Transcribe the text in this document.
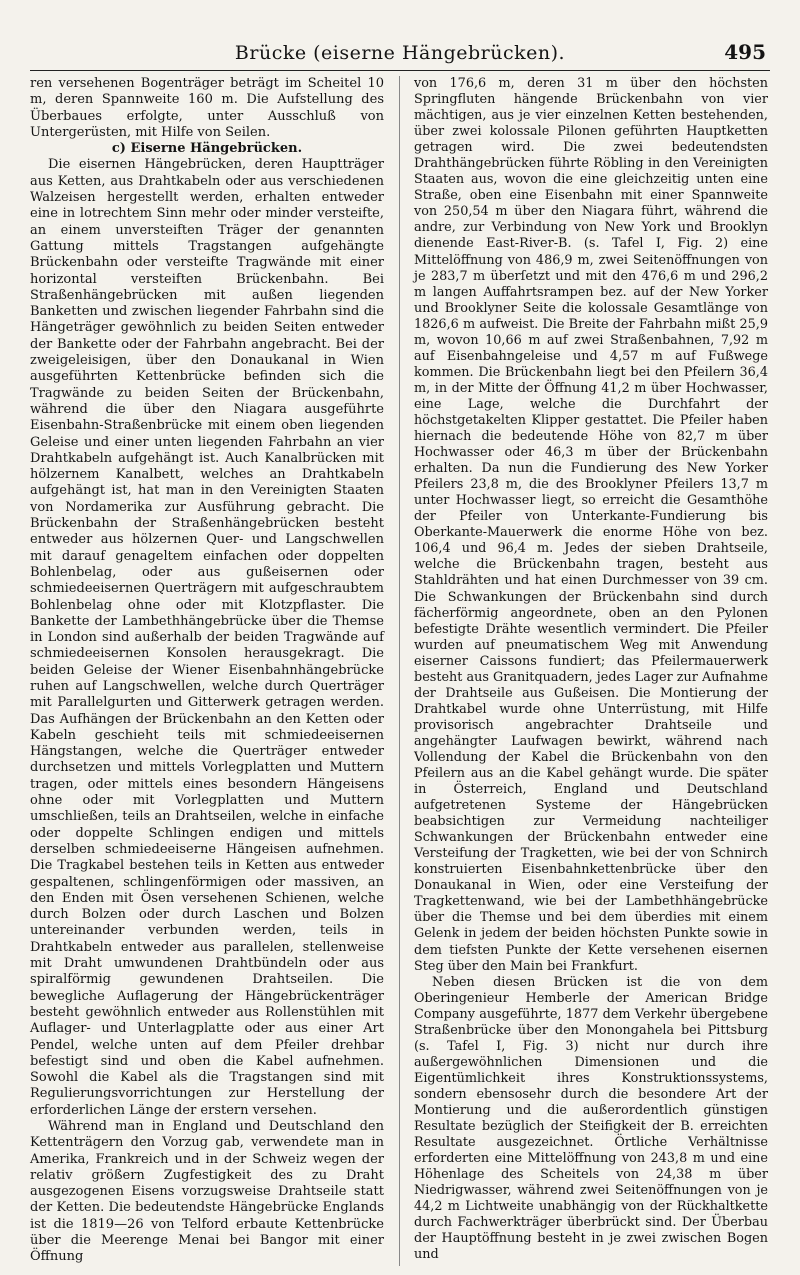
Brücke (eiserne Hängebrücken).	495

ren versehenen Bogenträger beträgt im Scheitel 10 m, deren Spannweite 160 m. Die Aufstellung des Überbaues erfolgte, unter Ausschluß von Untergerüsten, mit Hilfe von Seilen.

c) Eiserne Hängebrücken.

Die eisernen Hängebrücken, deren Hauptträger aus Ketten, aus Drahtkabeln oder aus verschiedenen Walzeisen hergestellt werden, erhalten entweder eine in lotrechtem Sinn mehr oder minder versteifte, an einem unversteiften Träger der genannten Gattung mittels Tragstangen aufgehängte Brückenbahn oder versteifte Tragwände mit einer horizontal versteiften Brückenbahn. Bei Straßenhängebrücken mit außen liegenden Banketten und zwischen liegender Fahrbahn sind die Hängeträger gewöhnlich zu beiden Seiten entweder der Bankette oder der Fahrbahn angebracht. Bei der zweigeleisigen, über den Donaukanal in Wien ausgeführten Kettenbrücke befinden sich die Tragwände zu beiden Seiten der Brückenbahn, während die über den Niagara ausgeführte Eisenbahn-Straßenbrücke mit einem oben liegenden Geleise und einer unten liegenden Fahrbahn an vier Drahtkabeln aufgehängt ist. Auch Kanalbrücken mit hölzernem Kanalbett, welches an Drahtkabeln aufgehängt ist, hat man in den Vereinigten Staaten von Nordamerika zur Ausführung gebracht. Die Brückenbahn der Straßenhängebrücken besteht entweder aus hölzernen Quer- und Langschwellen mit darauf genageltem einfachen oder doppelten Bohlenbelag, oder aus gußeisernen oder schmiedeeisernen Querträgern mit aufgeschraubtem Bohlenbelag ohne oder mit Klotzpflaster. Die Bankette der Lambethhängebrücke über die Themse in London sind außerhalb der beiden Tragwände auf schmiedeeisernen Konsolen herausgekragt. Die beiden Geleise der Wiener Eisenbahnhängebrücke ruhen auf Langschwellen, welche durch Querträger mit Parallelgurten und Gitterwerk getragen werden. Das Aufhängen der Brückenbahn an den Ketten oder Kabeln geschieht teils mit schmiedeeisernen Hängstangen, welche die Querträger entweder durchsetzen und mittels Vorlegplatten und Muttern tragen, oder mittels eines besondern Hängeisens ohne oder mit Vorlegplatten und Muttern umschließen, teils an Drahtseilen, welche in einfache oder doppelte Schlingen endigen und mittels derselben schmiedeeiserne Hängeisen aufnehmen. Die Tragkabel bestehen teils in Ketten aus entweder gespaltenen, schlingenförmigen oder massiven, an den Enden mit Ösen versehenen Schienen, welche durch Bolzen oder durch Laschen und Bolzen untereinander verbunden werden, teils in Drahtkabeln entweder aus parallelen, stellenweise mit Draht umwundenen Drahtbündeln oder aus spiralförmig gewundenen Drahtseilen. Die bewegliche Auflagerung der Hängebrückenträger besteht gewöhnlich entweder aus Rollenstühlen mit Auflager- und Unterlagplatte oder aus einer Art Pendel, welche unten auf dem Pfeiler drehbar befestigt sind und oben die Kabel aufnehmen. Sowohl die Kabel als die Tragstangen sind mit Regulierungsvorrichtungen zur Herstellung der erforderlichen Länge der erstern versehen.

Während man in England und Deutschland den Kettenträgern den Vorzug gab, verwendete man in Amerika, Frankreich und in der Schweiz wegen der relativ größern Zugfestigkeit des zu Draht ausgezogenen Eisens vorzugsweise Drahtseile statt der Ketten. Die bedeutendste Hängebrücke Englands ist die 1819—26 von Telford erbaute Kettenbrücke über die Meerenge Menai bei Bangor mit einer Öffnung

von 176,6 m, deren 31 m über den höchsten Springfluten hängende Brückenbahn von vier mächtigen, aus je vier einzelnen Ketten bestehenden, über zwei kolossale Pilonen geführten Hauptketten getragen wird. Die zwei bedeutendsten Drahthängebrücken führte Röbling in den Vereinigten Staaten aus, wovon die eine gleichzeitig unten eine Straße, oben eine Eisenbahn mit einer Spannweite von 250,54 m über den Niagara führt, während die andre, zur Verbindung von New York und Brooklyn dienende East-River-B. (s. Tafel I, Fig. 2) eine Mittelöffnung von 486,9 m, zwei Seitenöffnungen von je 283,7 m überſetzt und mit den 476,6 m und 296,2 m langen Auffahrtsrampen bez. auf der New Yorker und Brooklyner Seite die kolossale Gesamtlänge von 1826,6 m aufweist. Die Breite der Fahrbahn mißt 25,9 m, wovon 10,66 m auf zwei Straßenbahnen, 7,92 m auf Eisenbahngeleise und 4,57 m auf Fußwege kommen. Die Brückenbahn liegt bei den Pfeilern 36,4 m, in der Mitte der Öffnung 41,2 m über Hochwasser, eine Lage, welche die Durchfahrt der höchstgetakelten Klipper gestattet. Die Pfeiler haben hiernach die bedeutende Höhe von 82,7 m über Hochwasser oder 46,3 m über der Brückenbahn erhalten. Da nun die Fundierung des New Yorker Pfeilers 23,8 m, die des Brooklyner Pfeilers 13,7 m unter Hochwasser liegt, so erreicht die Gesamthöhe der Pfeiler von Unterkante-Fundierung bis Oberkante-Mauerwerk die enorme Höhe von bez. 106,4 und 96,4 m. Jedes der sieben Drahtseile, welche die Brückenbahn tragen, besteht aus Stahldrähten und hat einen Durchmesser von 39 cm. Die Schwankungen der Brückenbahn sind durch fächerförmig angeordnete, oben an den Pylonen befestigte Drähte wesentlich vermindert. Die Pfeiler wurden auf pneumatischem Weg mit Anwendung eiserner Caissons fundiert; das Pfeilermauerwerk besteht aus Granitquadern, jedes Lager zur Aufnahme der Drahtseile aus Gußeisen. Die Montierung der Drahtkabel wurde ohne Unterrüstung, mit Hilfe provisorisch angebrachter Drahtseile und angehängter Laufwagen bewirkt, während nach Vollendung der Kabel die Brückenbahn von den Pfeilern aus an die Kabel gehängt wurde. Die später in Österreich, England und Deutschland aufgetretenen Systeme der Hängebrücken beabsichtigen zur Vermeidung nachteiliger Schwankungen der Brückenbahn entweder eine Versteifung der Tragketten, wie bei der von Schnirch konstruierten Eisenbahnkettenbrücke über den Donaukanal in Wien, oder eine Versteifung der Tragkettenwand, wie bei der Lambethhängebrücke über die Themse und bei dem überdies mit einem Gelenk in jedem der beiden höchsten Punkte sowie in dem tiefsten Punkte der Kette versehenen eisernen Steg über den Main bei Frankfurt.

Neben diesen Brücken ist die von dem Oberingenieur Hemberle der American Bridge Company ausgeführte, 1877 dem Verkehr übergebene Straßenbrücke über den Monongahela bei Pittsburg (s. Tafel I, Fig. 3) nicht nur durch ihre außergewöhnlichen Dimensionen und die Eigentümlichkeit ihres Konstruktionssystems, sondern ebensosehr durch die besondere Art der Montierung und die außerordentlich günstigen Resultate bezüglich der Steifigkeit der B. erreichten Resultate ausgezeichnet. Örtliche Verhältnisse erforderten eine Mittelöffnung von 243,8 m und eine Höhenlage des Scheitels von 24,38 m über Niedrigwasser, während zwei Seitenöffnungen von je 44,2 m Lichtweite unabhängig von der Rückhaltkette durch Fachwerkträger überbrückt sind. Der Überbau der Hauptöffnung besteht in je zwei zwischen Bogen und
